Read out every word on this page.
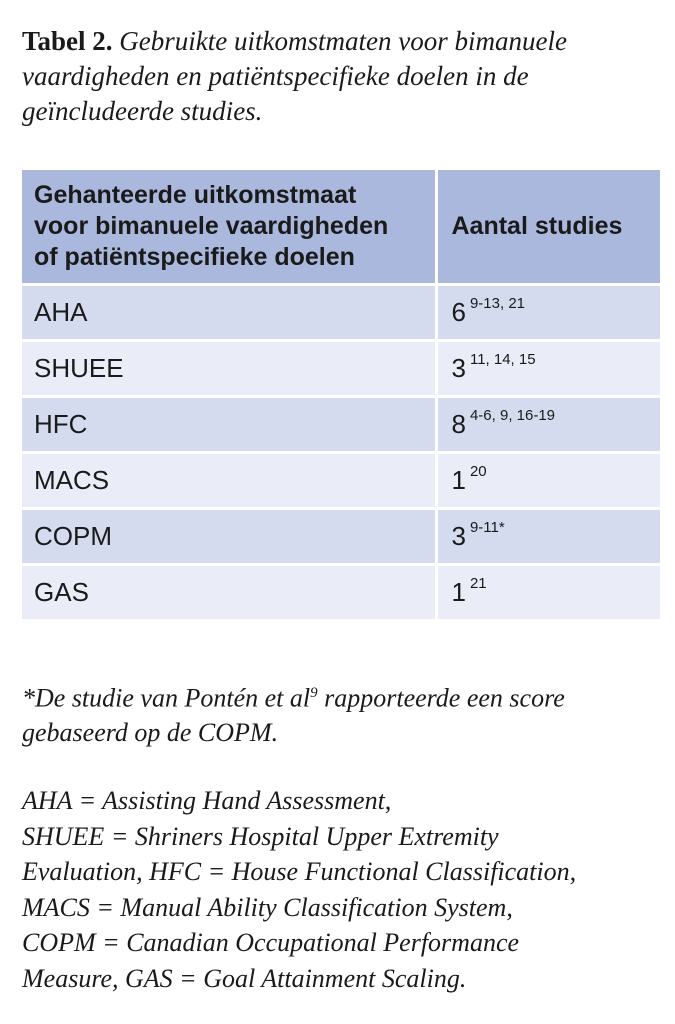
Tabel 2. Gebruikte uitkomstmaten voor bimanuele vaardigheden en patiëntspecifieke doelen in de geïncludeerde studies.
Gehanteerde uitkomstmaat
voor bimanuele vaardigheden
of patiëntspecifieke doelen	Aantal studies
AHA	6 $^{9-13, 21}$
SHUEE	3 $^{11, 14, 15}$
HFC	8 $^{4-6, 9, 16-19}$
MACS	1 $^{20}$
COPM	3 $^{9-11*}$
GAS	1 $^{21}$
*De studie van Pontén et $al^9$ rapporteerde een score gebaseerd op de COPM.
AHA = Assisting Hand Assessment,
SHUEE = Shriners Hospital Upper Extremity
Evaluation, HFC = House Functional Classification,
MACS = Manual Ability Classification System,
COPM = Canadian Occupational Performance
Measure, GAS = Goal Attainment Scaling.
